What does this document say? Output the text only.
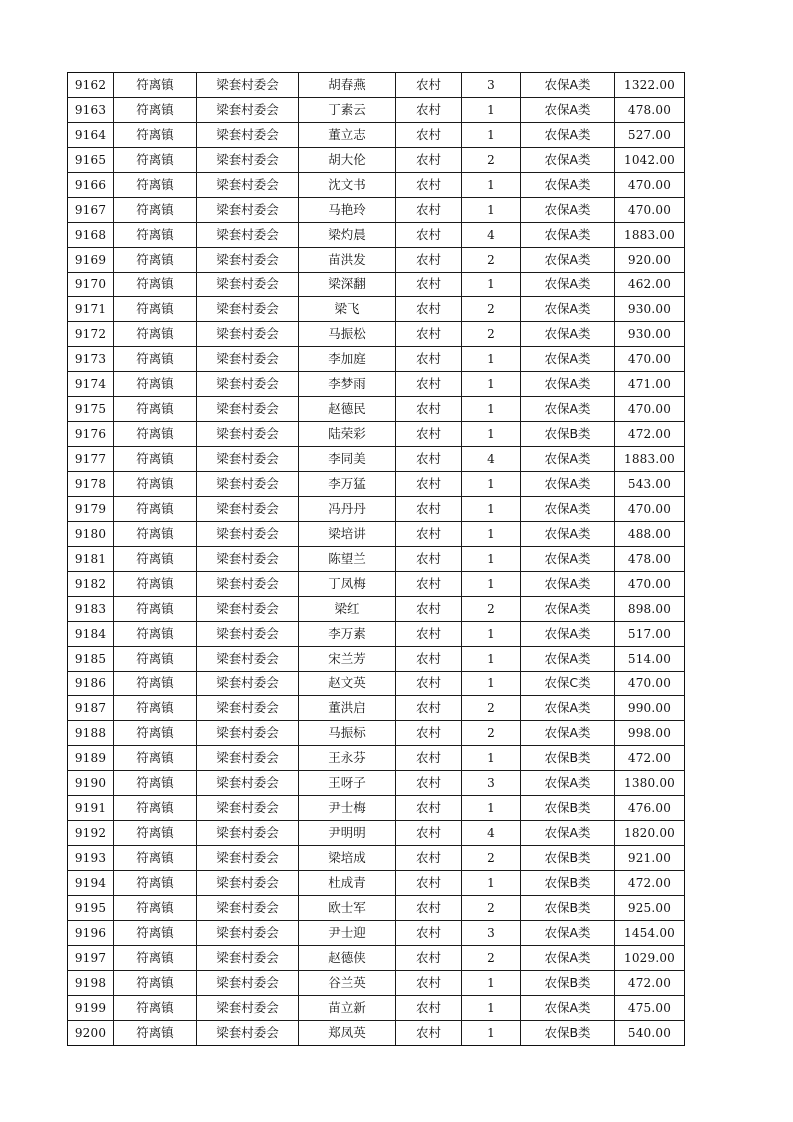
9162	符离镇	梁套村委会	胡春燕	农村	3	农保A类	1322.00
9163	符离镇	梁套村委会	丁素云	农村	1	农保A类	478.00
9164	符离镇	梁套村委会	董立志	农村	1	农保A类	527.00
9165	符离镇	梁套村委会	胡大伦	农村	2	农保A类	1042.00
9166	符离镇	梁套村委会	沈文书	农村	1	农保A类	470.00
9167	符离镇	梁套村委会	马艳玲	农村	1	农保A类	470.00
9168	符离镇	梁套村委会	梁灼晨	农村	4	农保A类	1883.00
9169	符离镇	梁套村委会	苗洪发	农村	2	农保A类	920.00
9170	符离镇	梁套村委会	梁深翻	农村	1	农保A类	462.00
9171	符离镇	梁套村委会	梁飞	农村	2	农保A类	930.00
9172	符离镇	梁套村委会	马振松	农村	2	农保A类	930.00
9173	符离镇	梁套村委会	李加庭	农村	1	农保A类	470.00
9174	符离镇	梁套村委会	李梦雨	农村	1	农保A类	471.00
9175	符离镇	梁套村委会	赵德民	农村	1	农保A类	470.00
9176	符离镇	梁套村委会	陆荣彩	农村	1	农保B类	472.00
9177	符离镇	梁套村委会	李同美	农村	4	农保A类	1883.00
9178	符离镇	梁套村委会	李万猛	农村	1	农保A类	543.00
9179	符离镇	梁套村委会	冯丹丹	农村	1	农保A类	470.00
9180	符离镇	梁套村委会	梁培讲	农村	1	农保A类	488.00
9181	符离镇	梁套村委会	陈望兰	农村	1	农保A类	478.00
9182	符离镇	梁套村委会	丁凤梅	农村	1	农保A类	470.00
9183	符离镇	梁套村委会	梁红	农村	2	农保A类	898.00
9184	符离镇	梁套村委会	李万素	农村	1	农保A类	517.00
9185	符离镇	梁套村委会	宋兰芳	农村	1	农保A类	514.00
9186	符离镇	梁套村委会	赵文英	农村	1	农保C类	470.00
9187	符离镇	梁套村委会	董洪启	农村	2	农保A类	990.00
9188	符离镇	梁套村委会	马振标	农村	2	农保A类	998.00
9189	符离镇	梁套村委会	王永芬	农村	1	农保B类	472.00
9190	符离镇	梁套村委会	王呀子	农村	3	农保A类	1380.00
9191	符离镇	梁套村委会	尹士梅	农村	1	农保B类	476.00
9192	符离镇	梁套村委会	尹明明	农村	4	农保A类	1820.00
9193	符离镇	梁套村委会	梁培成	农村	2	农保B类	921.00
9194	符离镇	梁套村委会	杜成青	农村	1	农保B类	472.00
9195	符离镇	梁套村委会	欧士军	农村	2	农保B类	925.00
9196	符离镇	梁套村委会	尹士迎	农村	3	农保A类	1454.00
9197	符离镇	梁套村委会	赵德侠	农村	2	农保A类	1029.00
9198	符离镇	梁套村委会	谷兰英	农村	1	农保B类	472.00
9199	符离镇	梁套村委会	苗立新	农村	1	农保A类	475.00
9200	符离镇	梁套村委会	郑凤英	农村	1	农保B类	540.00
